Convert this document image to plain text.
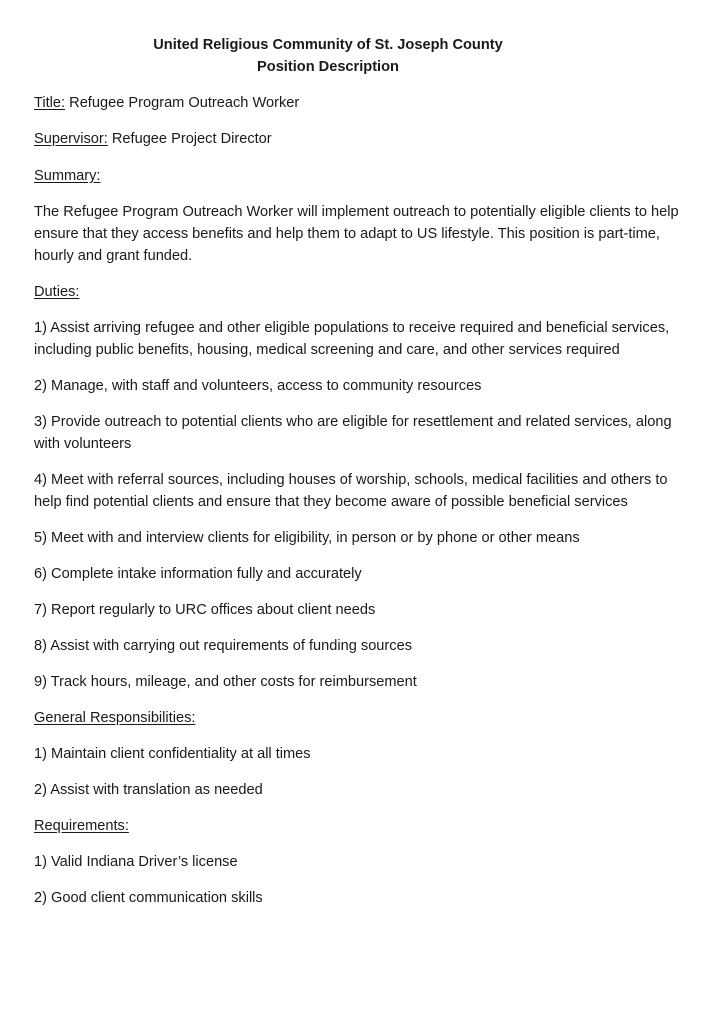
United Religious Community of St. Joseph County
Position Description

Title: Refugee Program Outreach Worker

Supervisor: Refugee Project Director

Summary:

The Refugee Program Outreach Worker will implement outreach to potentially eligible clients to help ensure that they access benefits and help them to adapt to US lifestyle. This position is part-time, hourly and grant funded.

Duties:

1) Assist arriving refugee and other eligible populations to receive required and beneficial services, including public benefits, housing, medical screening and care, and other services required

2) Manage, with staff and volunteers, access to community resources

3) Provide outreach to potential clients who are eligible for resettlement and related services, along with volunteers

4) Meet with referral sources, including houses of worship, schools, medical facilities and others to help find potential clients and ensure that they become aware of possible beneficial services

5) Meet with and interview clients for eligibility, in person or by phone or other means

6) Complete intake information fully and accurately

7) Report regularly to URC offices about client needs

8) Assist with carrying out requirements of funding sources

9) Track hours, mileage, and other costs for reimbursement

General Responsibilities:

1) Maintain client confidentiality at all times

2) Assist with translation as needed

Requirements:

1) Valid Indiana Driver’s license

2) Good client communication skills
